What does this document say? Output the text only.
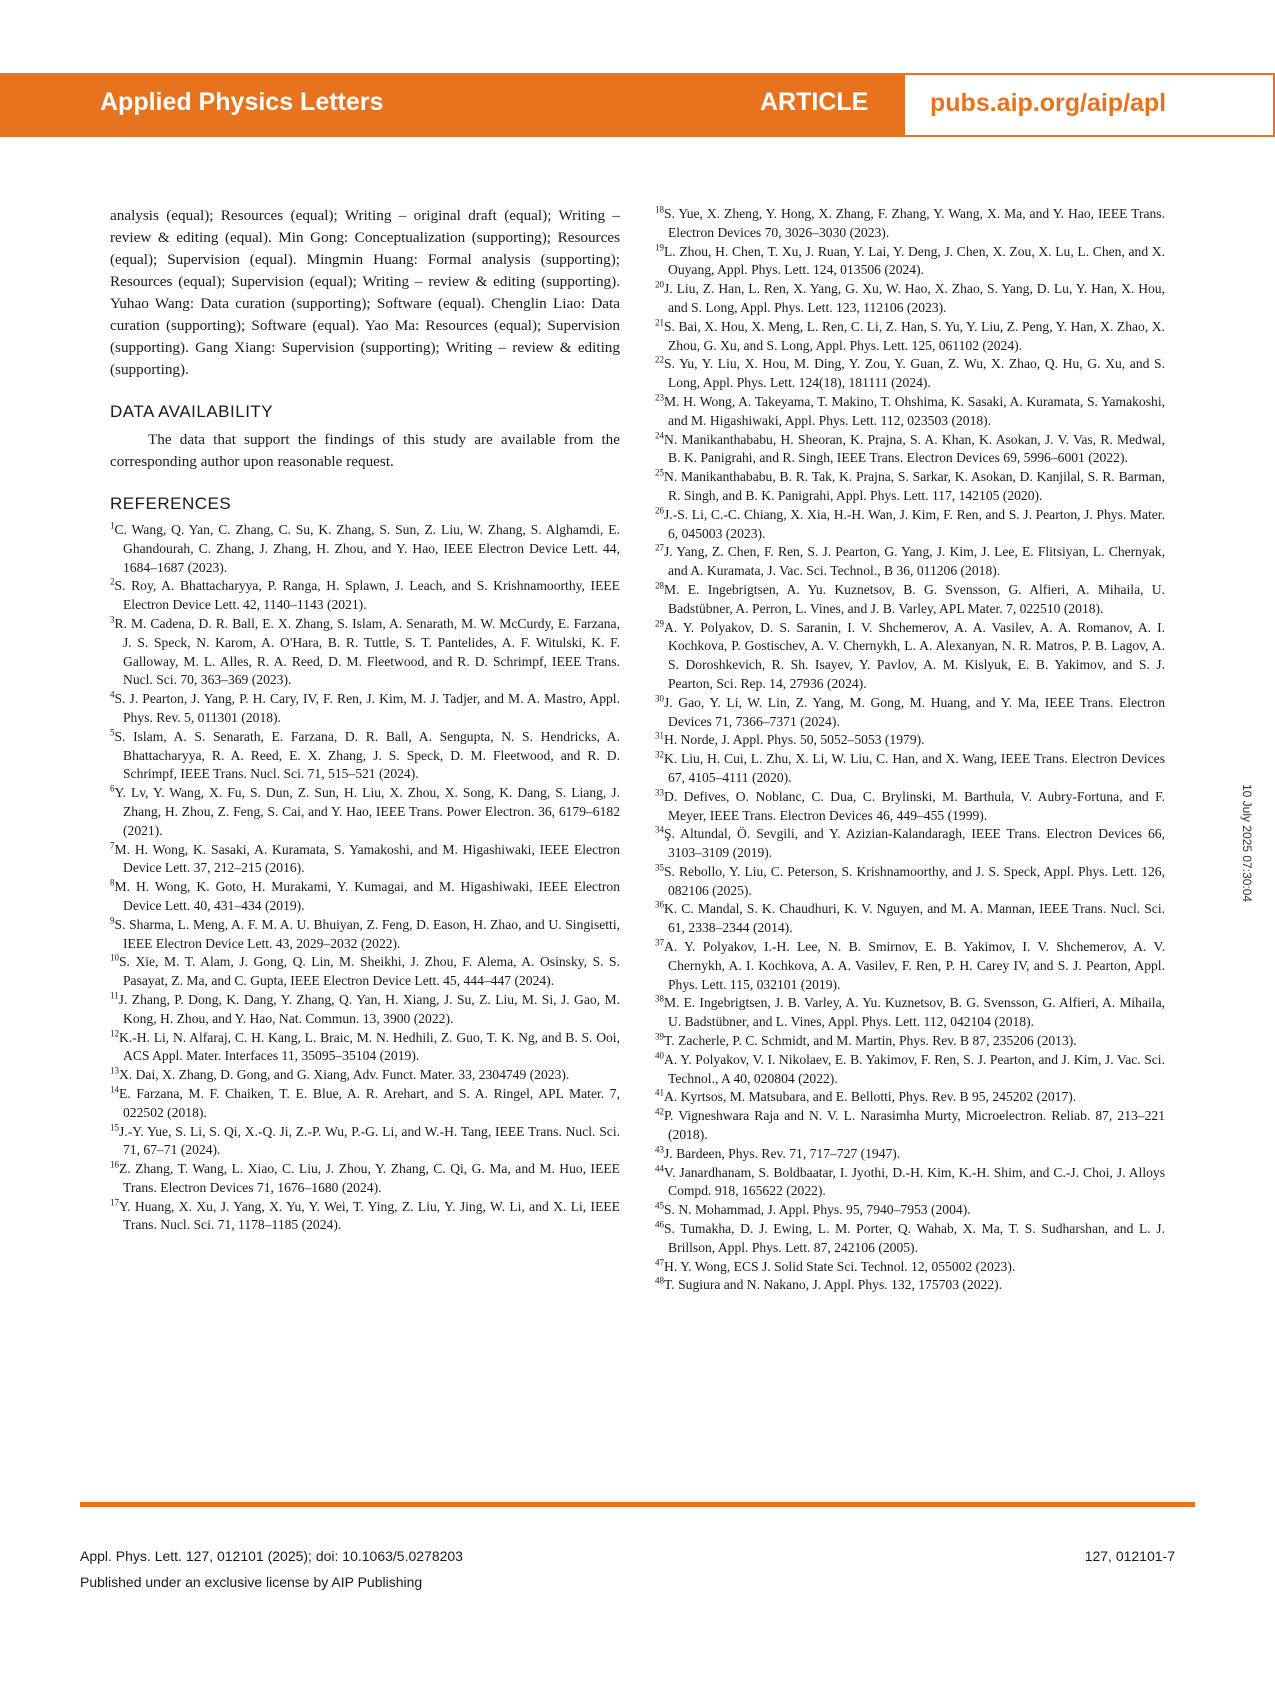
Applied Physics Letters	ARTICLE pubs.aip.org/aip/apl
analysis (equal); Resources (equal); Writing – original draft (equal); Writing – review & editing (equal). Min Gong: Conceptualization (supporting); Resources (equal); Supervision (equal). Mingmin Huang: Formal analysis (supporting); Resources (equal); Supervision (equal); Writing – review & editing (supporting). Yuhao Wang: Data curation (supporting); Software (equal). Chenglin Liao: Data curation (supporting); Software (equal). Yao Ma: Resources (equal); Supervision (supporting). Gang Xiang: Supervision (supporting); Writing – review & editing (supporting).
DATA AVAILABILITY
The data that support the findings of this study are available from the corresponding author upon reasonable request.
REFERENCES
$^1$C. Wang, Q. Yan, C. Zhang, C. Su, K. Zhang, S. Sun, Z. Liu, W. Zhang, S. Alghamdi, E. Ghandourah, C. Zhang, J. Zhang, H. Zhou, and Y. Hao, IEEE Electron Device Lett. 44, 1684–1687 (2023).
$^2$S. Roy, A. Bhattacharyya, P. Ranga, H. Splawn, J. Leach, and S. Krishnamoorthy, IEEE Electron Device Lett. 42, 1140–1143 (2021).
$^3$R. M. Cadena, D. R. Ball, E. X. Zhang, S. Islam, A. Senarath, M. W. McCurdy, E. Farzana, J. S. Speck, N. Karom, A. O'Hara, B. R. Tuttle, S. T. Pantelides, A. F. Witulski, K. F. Galloway, M. L. Alles, R. A. Reed, D. M. Fleetwood, and R. D. Schrimpf, IEEE Trans. Nucl. Sci. 70, 363–369 (2023).
$^4$S. J. Pearton, J. Yang, P. H. Cary, IV, F. Ren, J. Kim, M. J. Tadjer, and M. A. Mastro, Appl. Phys. Rev. 5, 011301 (2018).
$^5$S. Islam, A. S. Senarath, E. Farzana, D. R. Ball, A. Sengupta, N. S. Hendricks, A. Bhattacharyya, R. A. Reed, E. X. Zhang, J. S. Speck, D. M. Fleetwood, and R. D. Schrimpf, IEEE Trans. Nucl. Sci. 71, 515–521 (2024).
$^6$Y. Lv, Y. Wang, X. Fu, S. Dun, Z. Sun, H. Liu, X. Zhou, X. Song, K. Dang, S. Liang, J. Zhang, H. Zhou, Z. Feng, S. Cai, and Y. Hao, IEEE Trans. Power Electron. 36, 6179–6182 (2021).
$^7$M. H. Wong, K. Sasaki, A. Kuramata, S. Yamakoshi, and M. Higashiwaki, IEEE Electron Device Lett. 37, 212–215 (2016).
$^8$M. H. Wong, K. Goto, H. Murakami, Y. Kumagai, and M. Higashiwaki, IEEE Electron Device Lett. 40, 431–434 (2019).
$^9$S. Sharma, L. Meng, A. F. M. A. U. Bhuiyan, Z. Feng, D. Eason, H. Zhao, and U. Singisetti, IEEE Electron Device Lett. 43, 2029–2032 (2022).
$^{10}$S. Xie, M. T. Alam, J. Gong, Q. Lin, M. Sheikhi, J. Zhou, F. Alema, A. Osinsky, S. S. Pasayat, Z. Ma, and C. Gupta, IEEE Electron Device Lett. 45, 444–447 (2024).
$^{11}$J. Zhang, P. Dong, K. Dang, Y. Zhang, Q. Yan, H. Xiang, J. Su, Z. Liu, M. Si, J. Gao, M. Kong, H. Zhou, and Y. Hao, Nat. Commun. 13, 3900 (2022).
$^{12}$K.-H. Li, N. Alfaraj, C. H. Kang, L. Braic, M. N. Hedhili, Z. Guo, T. K. Ng, and B. S. Ooi, ACS Appl. Mater. Interfaces 11, 35095–35104 (2019).
$^{13}$X. Dai, X. Zhang, D. Gong, and G. Xiang, Adv. Funct. Mater. 33, 2304749 (2023).
$^{14}$E. Farzana, M. F. Chaiken, T. E. Blue, A. R. Arehart, and S. A. Ringel, APL Mater. 7, 022502 (2018).
$^{15}$J.-Y. Yue, S. Li, S. Qi, X.-Q. Ji, Z.-P. Wu, P.-G. Li, and W.-H. Tang, IEEE Trans. Nucl. Sci. 71, 67–71 (2024).
$^{16}$Z. Zhang, T. Wang, L. Xiao, C. Liu, J. Zhou, Y. Zhang, C. Qi, G. Ma, and M. Huo, IEEE Trans. Electron Devices 71, 1676–1680 (2024).
$^{17}$Y. Huang, X. Xu, J. Yang, X. Yu, Y. Wei, T. Ying, Z. Liu, Y. Jing, W. Li, and X. Li, IEEE Trans. Nucl. Sci. 71, 1178–1185 (2024).
$^{18}$S. Yue, X. Zheng, Y. Hong, X. Zhang, F. Zhang, Y. Wang, X. Ma, and Y. Hao, IEEE Trans. Electron Devices 70, 3026–3030 (2023).
$^{19}$L. Zhou, H. Chen, T. Xu, J. Ruan, Y. Lai, Y. Deng, J. Chen, X. Zou, X. Lu, L. Chen, and X. Ouyang, Appl. Phys. Lett. 124, 013506 (2024).
$^{20}$J. Liu, Z. Han, L. Ren, X. Yang, G. Xu, W. Hao, X. Zhao, S. Yang, D. Lu, Y. Han, X. Hou, and S. Long, Appl. Phys. Lett. 123, 112106 (2023).
$^{21}$S. Bai, X. Hou, X. Meng, L. Ren, C. Li, Z. Han, S. Yu, Y. Liu, Z. Peng, Y. Han, X. Zhao, X. Zhou, G. Xu, and S. Long, Appl. Phys. Lett. 125, 061102 (2024).
$^{22}$S. Yu, Y. Liu, X. Hou, M. Ding, Y. Zou, Y. Guan, Z. Wu, X. Zhao, Q. Hu, G. Xu, and S. Long, Appl. Phys. Lett. 124(18), 181111 (2024).
$^{23}$M. H. Wong, A. Takeyama, T. Makino, T. Ohshima, K. Sasaki, A. Kuramata, S. Yamakoshi, and M. Higashiwaki, Appl. Phys. Lett. 112, 023503 (2018).
$^{24}$N. Manikanthababu, H. Sheoran, K. Prajna, S. A. Khan, K. Asokan, J. V. Vas, R. Medwal, B. K. Panigrahi, and R. Singh, IEEE Trans. Electron Devices 69, 5996–6001 (2022).
$^{25}$N. Manikanthababu, B. R. Tak, K. Prajna, S. Sarkar, K. Asokan, D. Kanjilal, S. R. Barman, R. Singh, and B. K. Panigrahi, Appl. Phys. Lett. 117, 142105 (2020).
$^{26}$J.-S. Li, C.-C. Chiang, X. Xia, H.-H. Wan, J. Kim, F. Ren, and S. J. Pearton, J. Phys. Mater. 6, 045003 (2023).
$^{27}$J. Yang, Z. Chen, F. Ren, S. J. Pearton, G. Yang, J. Kim, J. Lee, E. Flitsiyan, L. Chernyak, and A. Kuramata, J. Vac. Sci. Technol., B 36, 011206 (2018).
$^{28}$M. E. Ingebrigtsen, A. Yu. Kuznetsov, B. G. Svensson, G. Alfieri, A. Mihaila, U. Badstübner, A. Perron, L. Vines, and J. B. Varley, APL Mater. 7, 022510 (2018).
$^{29}$A. Y. Polyakov, D. S. Saranin, I. V. Shchemerov, A. A. Vasilev, A. A. Romanov, A. I. Kochkova, P. Gostischev, A. V. Chernykh, L. A. Alexanyan, N. R. Matros, P. B. Lagov, A. S. Doroshkevich, R. Sh. Isayev, Y. Pavlov, A. M. Kislyuk, E. B. Yakimov, and S. J. Pearton, Sci. Rep. 14, 27936 (2024).
$^{30}$J. Gao, Y. Li, W. Lin, Z. Yang, M. Gong, M. Huang, and Y. Ma, IEEE Trans. Electron Devices 71, 7366–7371 (2024).
$^{31}$H. Norde, J. Appl. Phys. 50, 5052–5053 (1979).
$^{32}$K. Liu, H. Cui, L. Zhu, X. Li, W. Liu, C. Han, and X. Wang, IEEE Trans. Electron Devices 67, 4105–4111 (2020).
$^{33}$D. Defives, O. Noblanc, C. Dua, C. Brylinski, M. Barthula, V. Aubry-Fortuna, and F. Meyer, IEEE Trans. Electron Devices 46, 449–455 (1999).
$^{34}$Ş. Altundal, Ö. Sevgili, and Y. Azizian-Kalandaragh, IEEE Trans. Electron Devices 66, 3103–3109 (2019).
$^{35}$S. Rebollo, Y. Liu, C. Peterson, S. Krishnamoorthy, and J. S. Speck, Appl. Phys. Lett. 126, 082106 (2025).
$^{36}$K. C. Mandal, S. K. Chaudhuri, K. V. Nguyen, and M. A. Mannan, IEEE Trans. Nucl. Sci. 61, 2338–2344 (2014).
$^{37}$A. Y. Polyakov, I.-H. Lee, N. B. Smirnov, E. B. Yakimov, I. V. Shchemerov, A. V. Chernykh, A. I. Kochkova, A. A. Vasilev, F. Ren, P. H. Carey IV, and S. J. Pearton, Appl. Phys. Lett. 115, 032101 (2019).
$^{38}$M. E. Ingebrigtsen, J. B. Varley, A. Yu. Kuznetsov, B. G. Svensson, G. Alfieri, A. Mihaila, U. Badstübner, and L. Vines, Appl. Phys. Lett. 112, 042104 (2018).
$^{39}$T. Zacherle, P. C. Schmidt, and M. Martin, Phys. Rev. B 87, 235206 (2013).
$^{40}$A. Y. Polyakov, V. I. Nikolaev, E. B. Yakimov, F. Ren, S. J. Pearton, and J. Kim, J. Vac. Sci. Technol., A 40, 020804 (2022).
$^{41}$A. Kyrtsos, M. Matsubara, and E. Bellotti, Phys. Rev. B 95, 245202 (2017).
$^{42}$P. Vigneshwara Raja and N. V. L. Narasimha Murty, Microelectron. Reliab. 87, 213–221 (2018).
$^{43}$J. Bardeen, Phys. Rev. 71, 717–727 (1947).
$^{44}$V. Janardhanam, S. Boldbaatar, I. Jyothi, D.-H. Kim, K.-H. Shim, and C.-J. Choi, J. Alloys Compd. 918, 165622 (2022).
$^{45}$S. N. Mohammad, J. Appl. Phys. 95, 7940–7953 (2004).
$^{46}$S. Tumakha, D. J. Ewing, L. M. Porter, Q. Wahab, X. Ma, T. S. Sudharshan, and L. J. Brillson, Appl. Phys. Lett. 87, 242106 (2005).
$^{47}$H. Y. Wong, ECS J. Solid State Sci. Technol. 12, 055002 (2023).
$^{48}$T. Sugiura and N. Nakano, J. Appl. Phys. 132, 175703 (2022).
10 July 2025 07:30:04
Appl. Phys. Lett. 127, 012101 (2025); doi: 10.1063/5.0278203
Published under an exclusive license by AIP Publishing
127, 012101-7
